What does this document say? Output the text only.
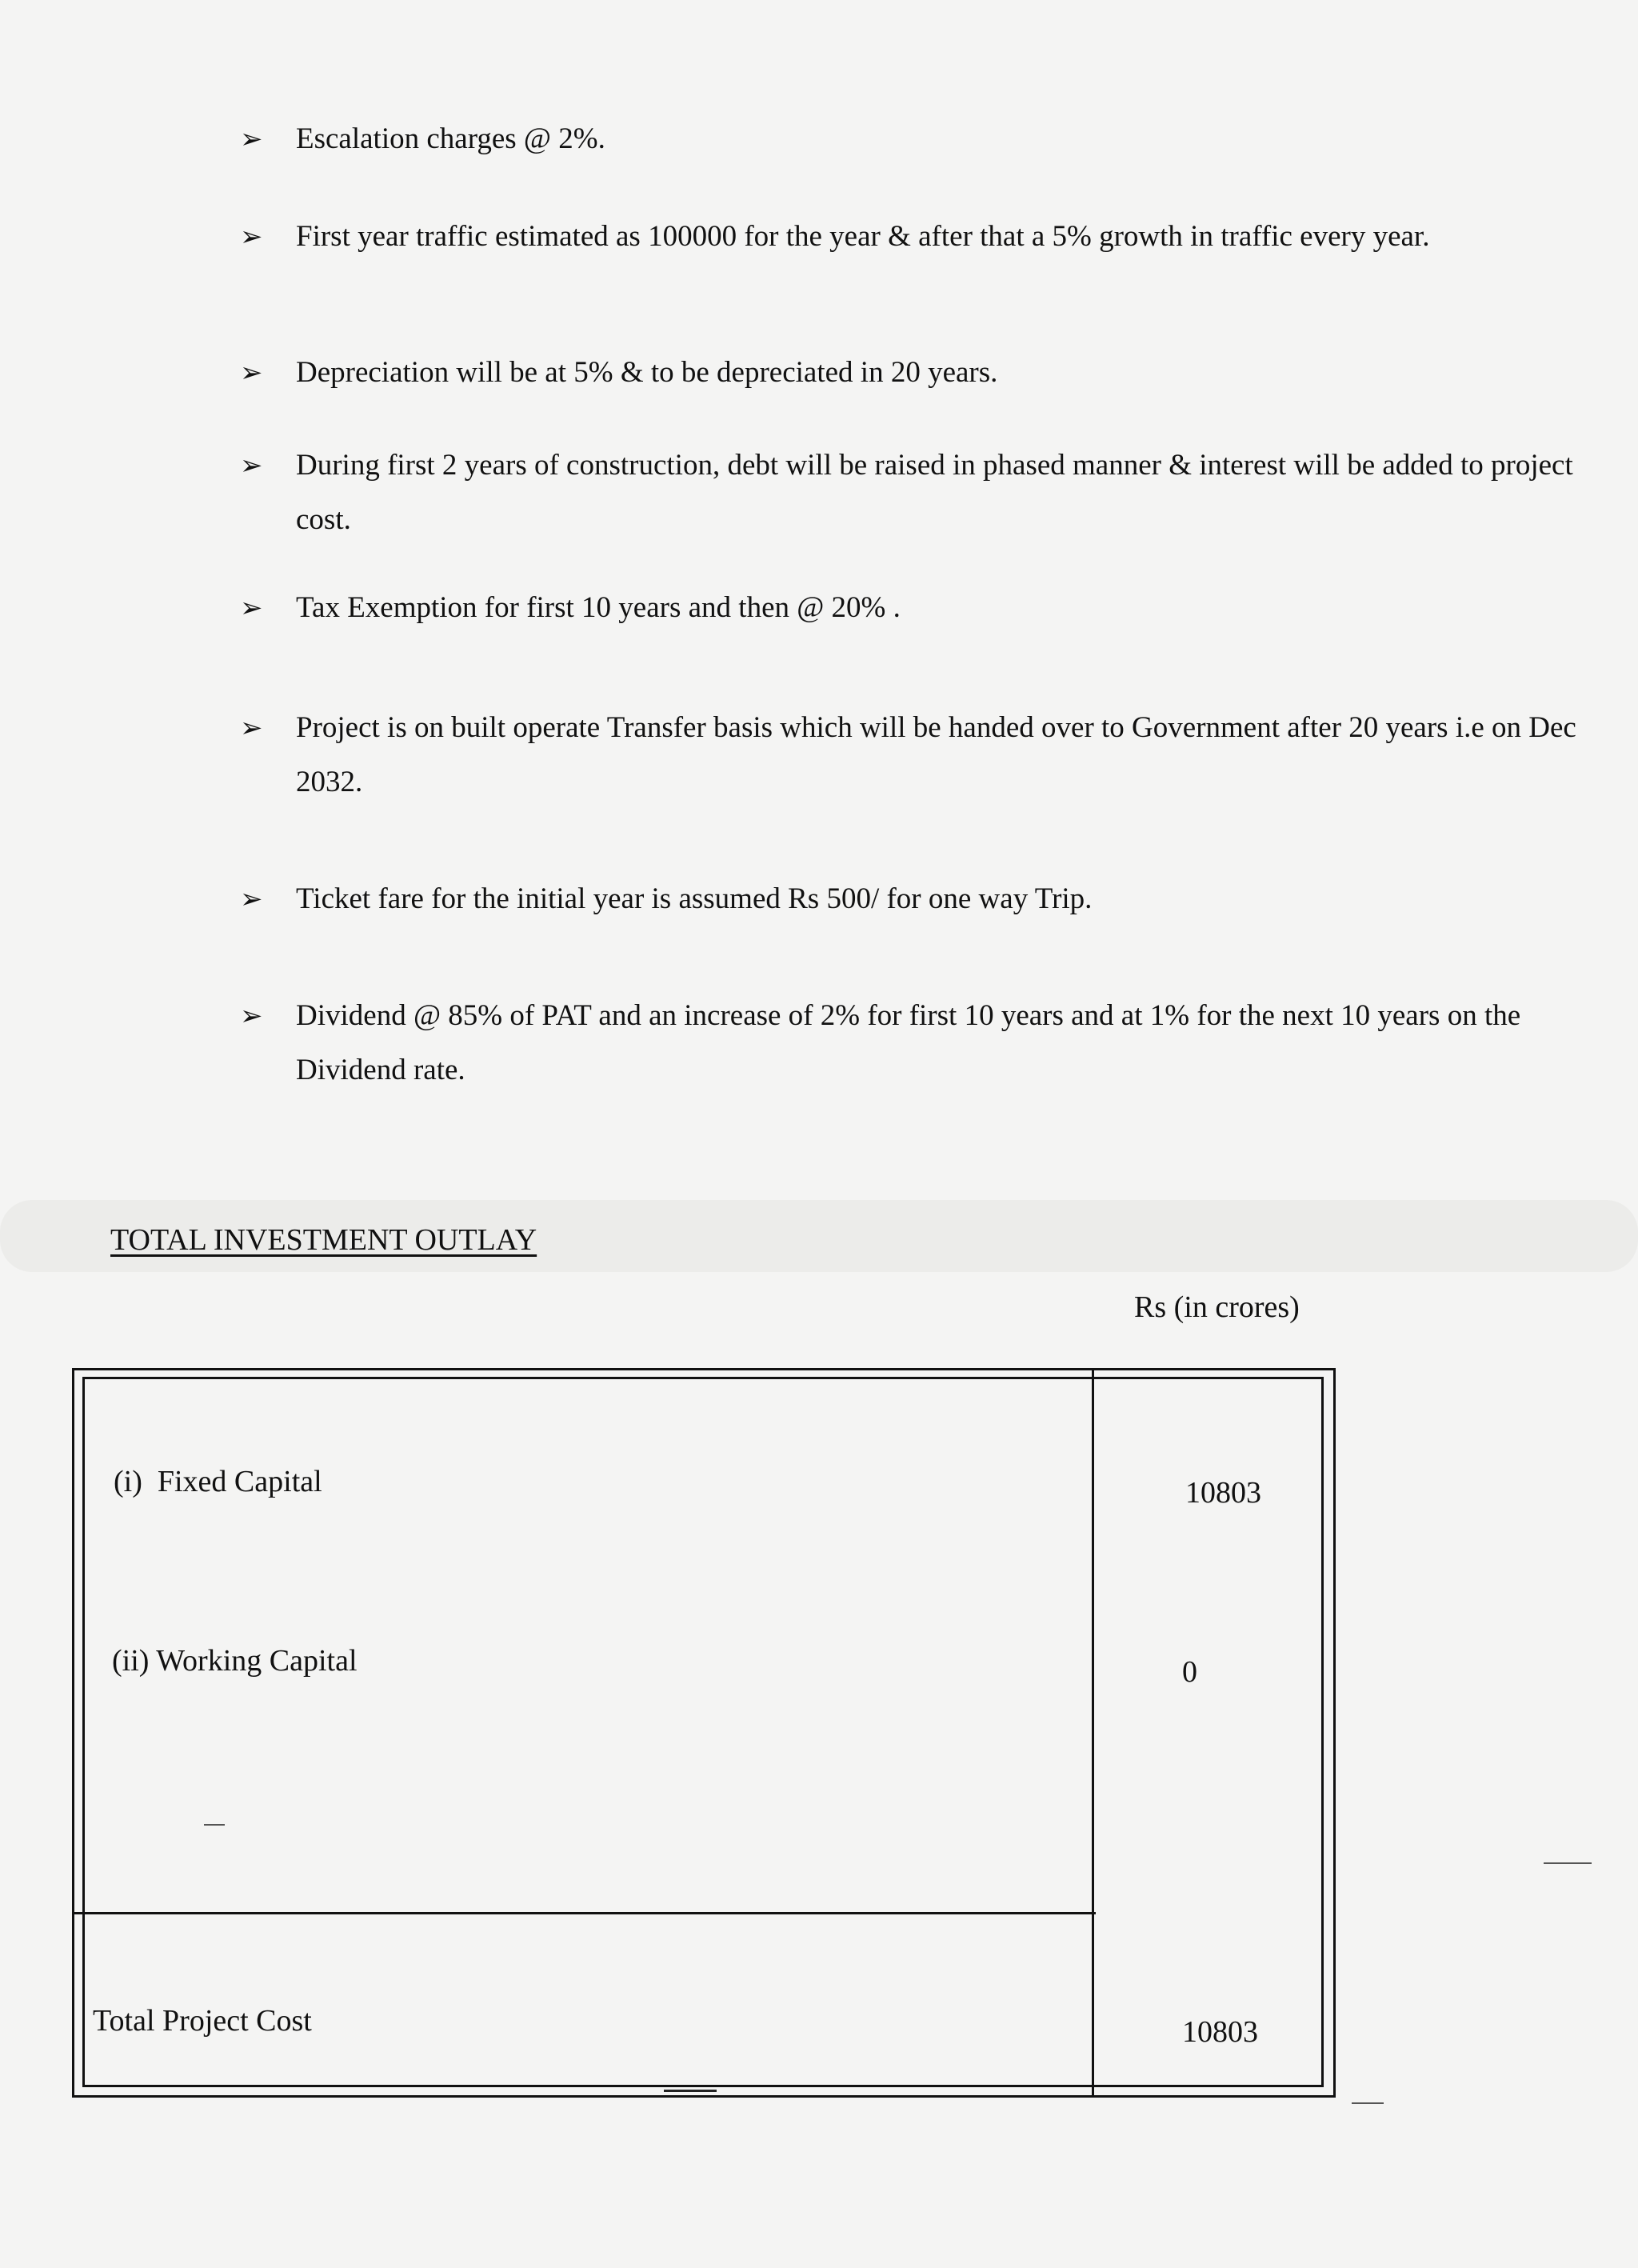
➢	Escalation charges @ 2%.
➢	First year traffic estimated as 100000 for the year & after that a 5% growth in traffic every year.
➢	Depreciation will be at 5% & to be depreciated in 20 years.
➢	During first 2 years of construction, debt will be raised in phased manner & interest will be added to project cost.
➢	Tax Exemption for first 10 years and then @ 20% .
➢	Project is on built operate Transfer basis which will be handed over to Government after 20 years i.e on Dec 2032.
➢	Ticket fare for the initial year is assumed Rs 500/ for one way Trip.
➢	Dividend @ 85% of PAT and an increase of 2% for first 10 years and at 1% for the next 10 years on the Dividend rate.
TOTAL INVESTMENT OUTLAY
Rs (in crores)
(i)  Fixed Capital	10803
(ii) Working Capital	0
Total Project Cost	10803
